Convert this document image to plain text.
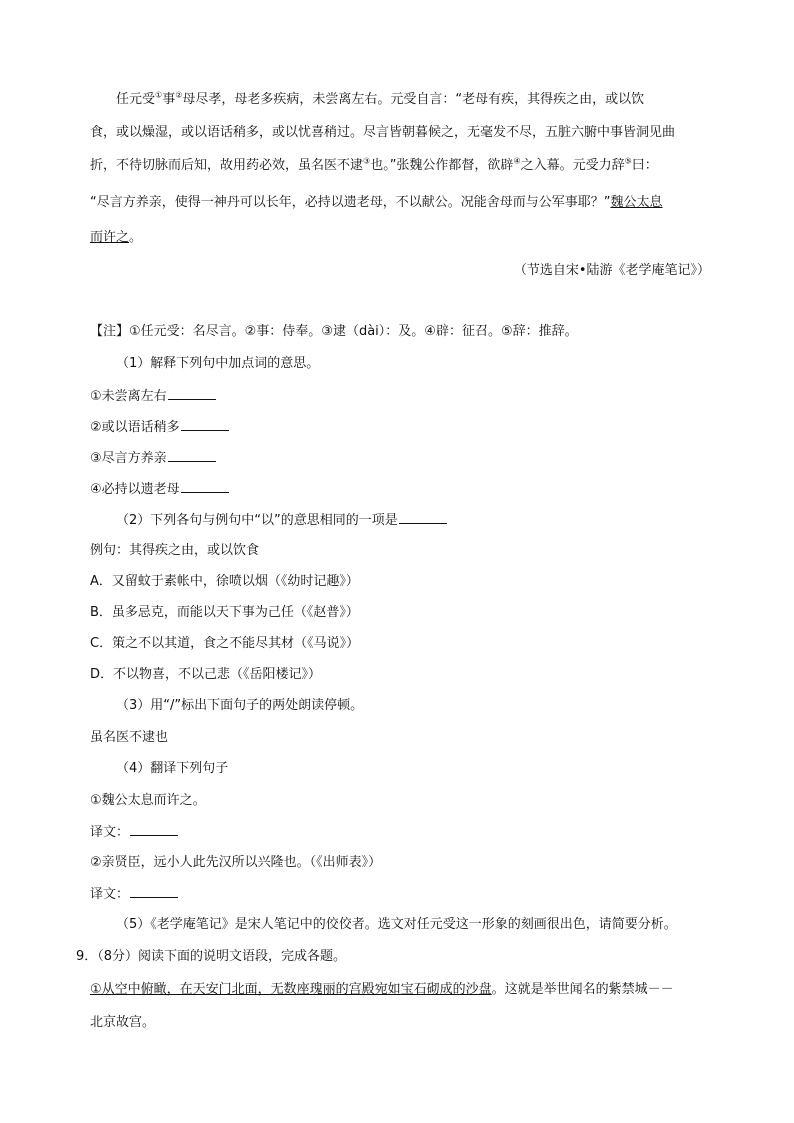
任元受①事②母尽孝，母老多疾病，未尝离左右。元受自言：“老母有疾，其得疾之由，或以饮
食，或以燥湿，或以语话稍多，或以忧喜稍过。尽言皆朝暮候之，无毫发不尽，五脏六腑中事皆洞见曲
折，不待切脉而后知，故用药必效，虽名医不逮③也。”张魏公作都督，欲辟④之入幕。元受力辞⑤曰：
“尽言方养亲，使得一神丹可以长年，必持以遗老母，不以献公。况能舍母而与公军事耶？”魏公太息
而许之。
（节选自宋•陆游《老学庵笔记》）
【注】①任元受：名尽言。②事：侍奉。③逮（dài）：及。④辟：征召。⑤辞：推辞。
（1）解释下列句中加点词的意思。
①未尝离左右
②或以语话稍多
③尽言方养亲
④必持以遗老母
（2）下列各句与例句中“以”的意思相同的一项是
例句：其得疾之由，或以饮食
A．又留蚊于素帐中，徐喷以烟（《幼时记趣》）
B．虽多忌克，而能以天下事为己任（《赵普》）
C．策之不以其道，食之不能尽其材（《马说》）
D．不以物喜，不以己悲（《岳阳楼记》）
（3）用“/”标出下面句子的两处朗读停顿。
虽名医不逮也
（4）翻译下列句子
①魏公太息而许之。
译文：
②亲贤臣，远小人此先汉所以兴隆也。（《出师表》）
译文：
（5）《老学庵笔记》是宋人笔记中的佼佼者。选文对任元受这一形象的刻画很出色，请简要分析。
9．（8分）阅读下面的说明文语段，完成各题。
①从空中俯瞰，在天安门北面，无数座瑰丽的宫殿宛如宝石砌成的沙盘。这就是举世闻名的紫禁城－－
北京故宫。
